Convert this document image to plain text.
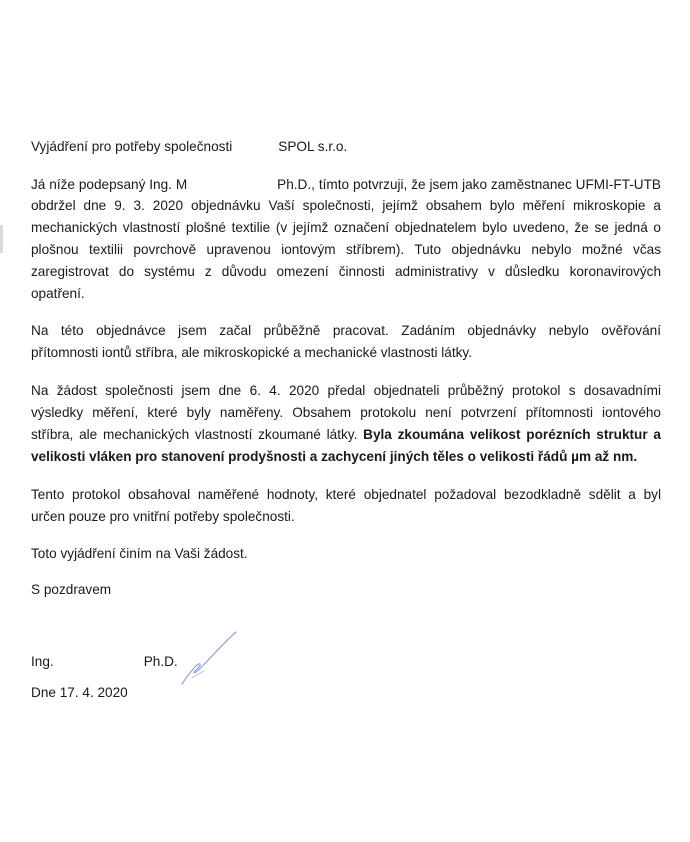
Vyjádření pro potřeby společnosti	SPOL s.r.o.
Já níže podepsaný Ing. M	Ph.D., tímto potvrzuji, že jsem jako zaměstnanec UFMI-FT-UTB
obdržel dne 9. 3. 2020 objednávku Vaší společnosti, jejímž obsahem bylo měření mikroskopie a
mechanických vlastností plošné textilie (v jejímž označení objednatelem bylo uvedeno, že se jedná o
plošnou textilii povrchově upravenou iontovým stříbrem). Tuto objednávku nebylo možné včas
zaregistrovat do systému z důvodu omezení činnosti administrativy v důsledku koronavirových
opatření.
Na této objednávce jsem začal průběžně pracovat. Zadáním objednávky nebylo ověřování
přítomnosti iontů stříbra, ale mikroskopické a mechanické vlastnosti látky.
Na žádost společnosti jsem dne 6. 4. 2020 předal objednateli průběžný protokol s dosavadními
výsledky měření, které byly naměřeny. Obsahem protokolu není potvrzení přítomnosti iontového
stříbra, ale mechanických vlastností zkoumané látky. Byla zkoumána velikost porézních struktur a
velikosti vláken pro stanovení prodyšnosti a zachycení jiných těles o velikosti řádů µm až nm.
Tento protokol obsahoval naměřené hodnoty, které objednatel požadoval bezodkladně sdělit a byl
určen pouze pro vnitřní potřeby společnosti.
Toto vyjádření činím na Vaši žádost.
S pozdravem
Ing.	Ph.D.
Dne 17. 4. 2020
